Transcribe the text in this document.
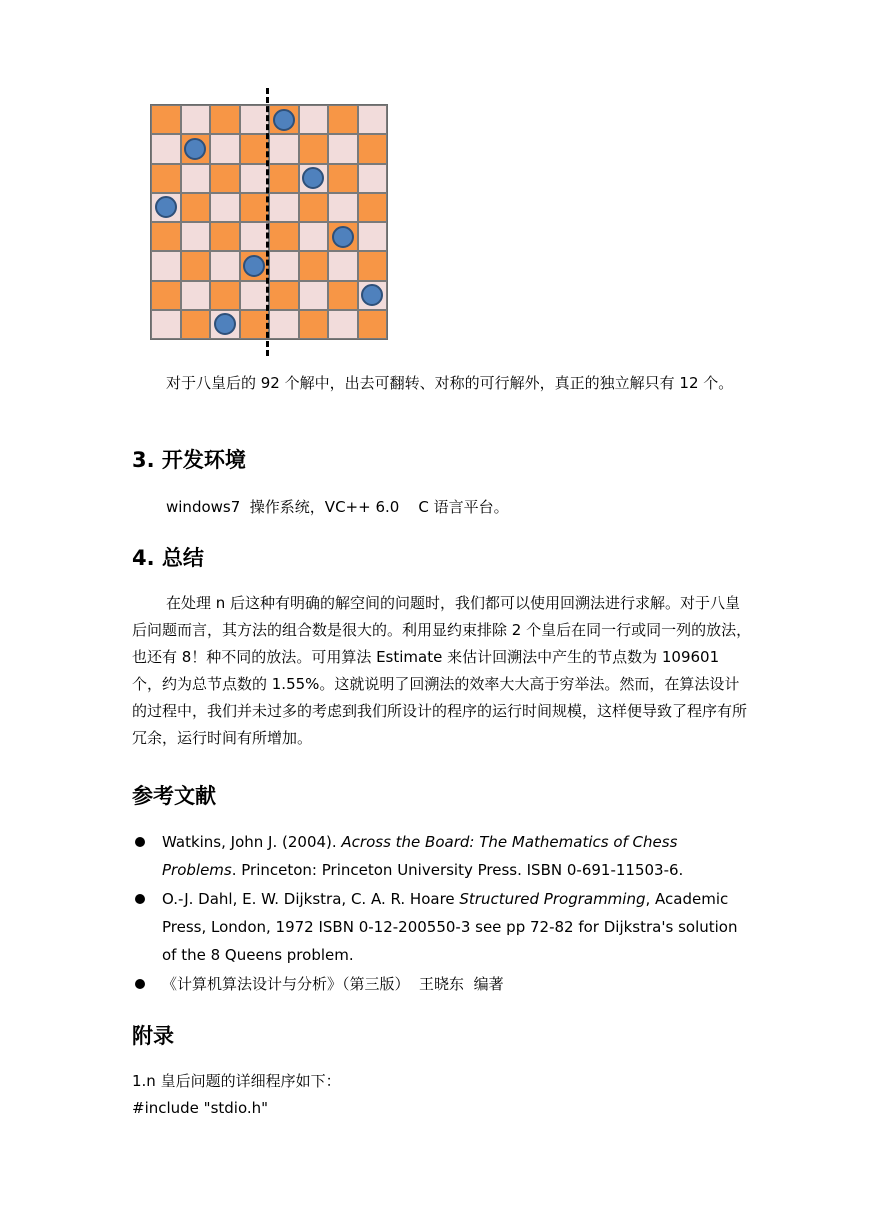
对于八皇后的 92 个解中，出去可翻转、对称的可行解外，真正的独立解只有 12 个。
3. 开发环境
windows7  操作系统，VC++ 6.0    C 语言平台。
4. 总结
在处理 n 后这种有明确的解空间的问题时，我们都可以使用回溯法进行求解。对于八皇后问题而言，其方法的组合数是很大的。利用显约束排除 2 个皇后在同一行或同一列的放法，也还有 8！种不同的放法。可用算法 Estimate 来估计回溯法中产生的节点数为 109601 个，约为总节点数的 1.55%。这就说明了回溯法的效率大大高于穷举法。然而，在算法设计的过程中，我们并未过多的考虑到我们所设计的程序的运行时间规模，这样便导致了程序有所冗余，运行时间有所增加。
参考文献
Watkins, John J. (2004). Across the Board: The Mathematics of Chess Problems. Princeton: Princeton University Press. ISBN 0-691-11503-6.
O.-J. Dahl, E. W. Dijkstra, C. A. R. Hoare Structured Programming, Academic Press, London, 1972 ISBN 0-12-200550-3 see pp 72-82 for Dijkstra's solution of the 8 Queens problem.
《计算机算法设计与分析》（第三版）  王晓东  编著
附录
1.n 皇后问题的详细程序如下：
#include "stdio.h"
